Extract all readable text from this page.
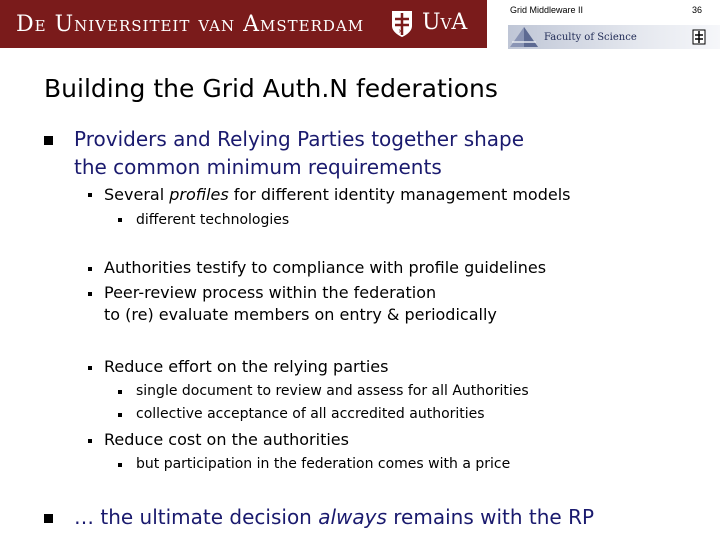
De Universiteit van Amsterdam	× UvA	Grid Middleware II	36
Faculty of Science
Building the Grid Auth.N federations
Providers and Relying Parties together shape
the common minimum requirements
Several profiles for different identity management models
different technologies
Authorities testify to compliance with profile guidelines
Peer-review process within the federation
to (re) evaluate members on entry & periodically
Reduce effort on the relying parties
single document to review and assess for all Authorities
collective acceptance of all accredited authorities
Reduce cost on the authorities
but participation in the federation comes with a price
… the ultimate decision always remains with the RP
